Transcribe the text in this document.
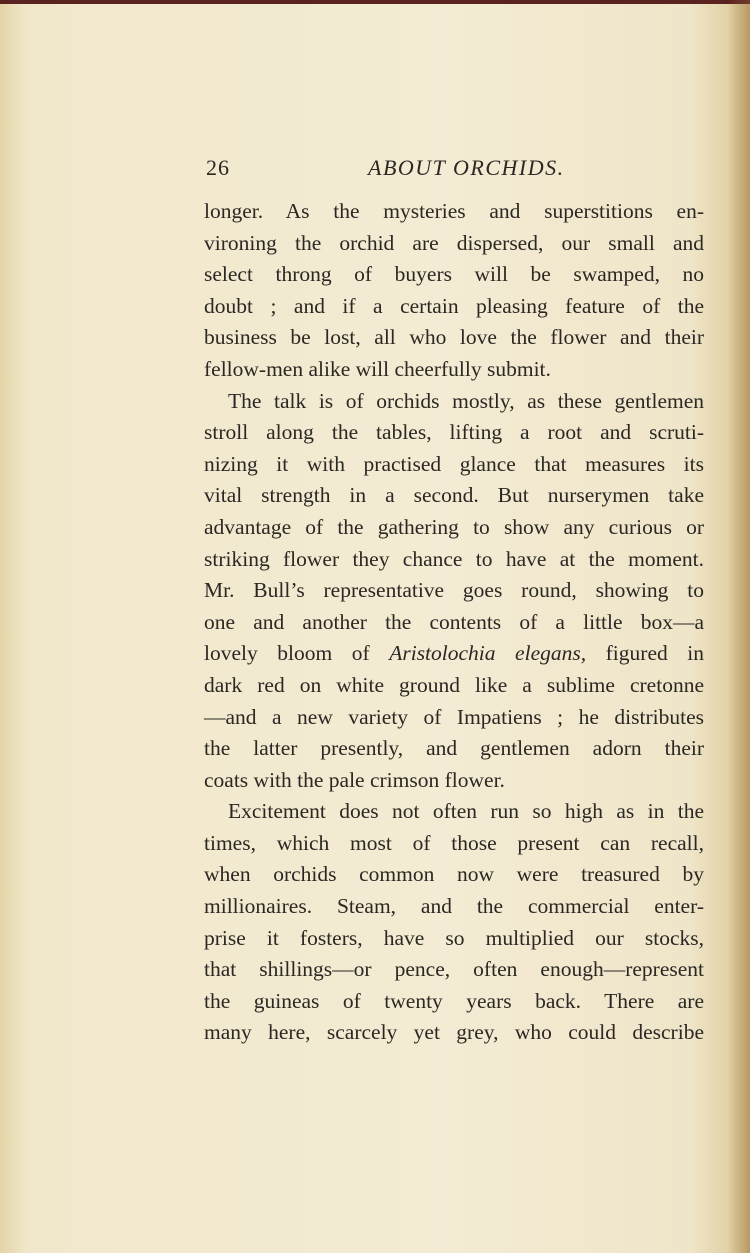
26	ABOUT ORCHIDS.
longer. As the mysteries and superstitions en-
vironing the orchid are dispersed, our small and
select throng of buyers will be swamped, no
doubt ; and if a certain pleasing feature of the
business be lost, all who love the flower and their
fellow-men alike will cheerfully submit.
The talk is of orchids mostly, as these gentlemen
stroll along the tables, lifting a root and scruti-
nizing it with practised glance that measures its
vital strength in a second. But nurserymen take
advantage of the gathering to show any curious or
striking flower they chance to have at the moment.
Mr. Bull’s representative goes round, showing to
one and another the contents of a little box—a
lovely bloom of Aristolochia elegans, figured in
dark red on white ground like a sublime cretonne
—and a new variety of Impatiens ; he distributes
the latter presently, and gentlemen adorn their
coats with the pale crimson flower.
Excitement does not often run so high as in the
times, which most of those present can recall,
when orchids common now were treasured by
millionaires. Steam, and the commercial enter-
prise it fosters, have so multiplied our stocks,
that shillings—or pence, often enough—represent
the guineas of twenty years back. There are
many here, scarcely yet grey, who could describe
